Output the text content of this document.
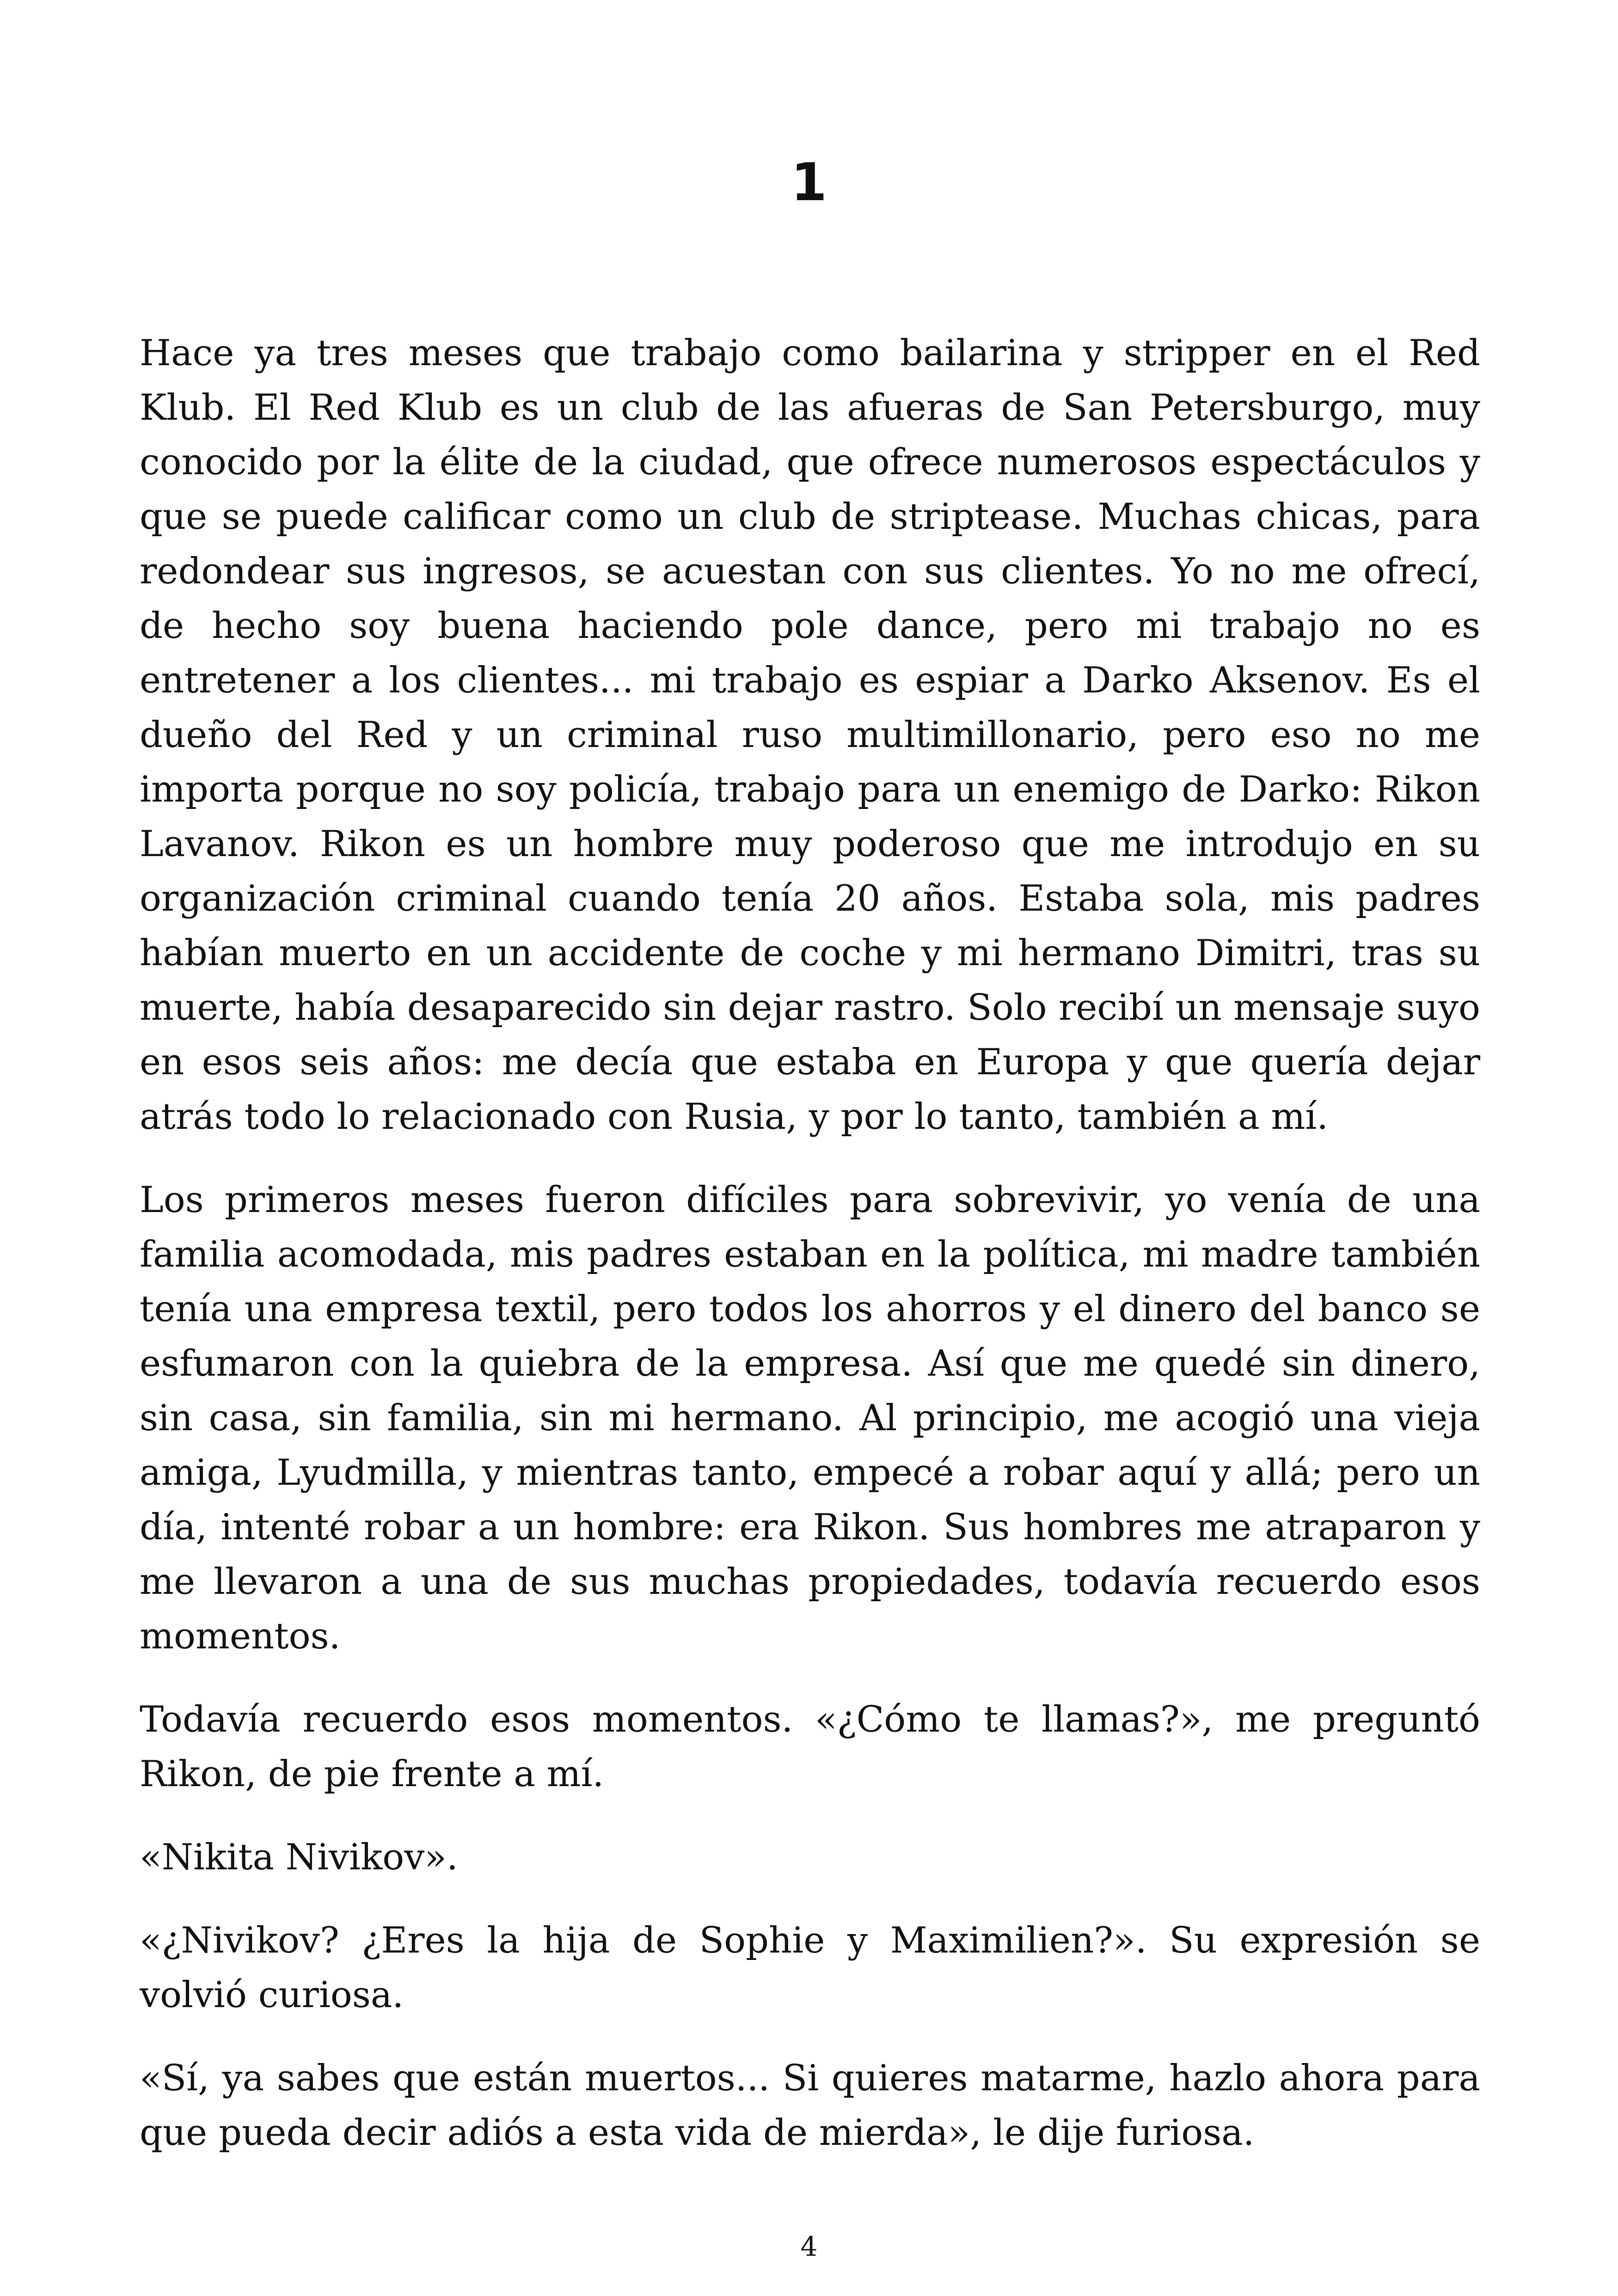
1

Hace ya tres meses que trabajo como bailarina y stripper en el Red Klub. El Red Klub es un club de las afueras de San Petersburgo, muy conocido por la élite de la ciudad, que ofrece numerosos espectáculos y que se puede calificar como un club de striptease. Muchas chicas, para redondear sus ingresos, se acuestan con sus clientes. Yo no me ofrecí, de hecho soy buena haciendo pole dance, pero mi trabajo no es entretener a los clientes... mi trabajo es espiar a Darko Aksenov. Es el dueño del Red y un criminal ruso multimillonario, pero eso no me importa porque no soy policía, trabajo para un enemigo de Darko: Rikon Lavanov. Rikon es un hombre muy poderoso que me introdujo en su organización criminal cuando tenía 20 años. Estaba sola, mis padres habían muerto en un accidente de coche y mi hermano Dimitri, tras su muerte, había desaparecido sin dejar rastro. Solo recibí un mensaje suyo en esos seis años: me decía que estaba en Europa y que quería dejar atrás todo lo relacionado con Rusia, y por lo tanto, también a mí.

Los primeros meses fueron difíciles para sobrevivir, yo venía de una familia acomodada, mis padres estaban en la política, mi madre también tenía una empresa textil, pero todos los ahorros y el dinero del banco se esfumaron con la quiebra de la empresa. Así que me quedé sin dinero, sin casa, sin familia, sin mi hermano. Al principio, me acogió una vieja amiga, Lyudmilla, y mientras tanto, empecé a robar aquí y allá; pero un día, intenté robar a un hombre: era Rikon. Sus hombres me atraparon y me llevaron a una de sus muchas propiedades, todavía recuerdo esos momentos.

Todavía recuerdo esos momentos. «¿Cómo te llamas?», me preguntó Rikon, de pie frente a mí.

«Nikita Nivikov».

«¿Nivikov? ¿Eres la hija de Sophie y Maximilien?». Su expresión se volvió curiosa.

«Sí, ya sabes que están muertos... Si quieres matarme, hazlo ahora para que pueda decir adiós a esta vida de mierda», le dije furiosa.

4
